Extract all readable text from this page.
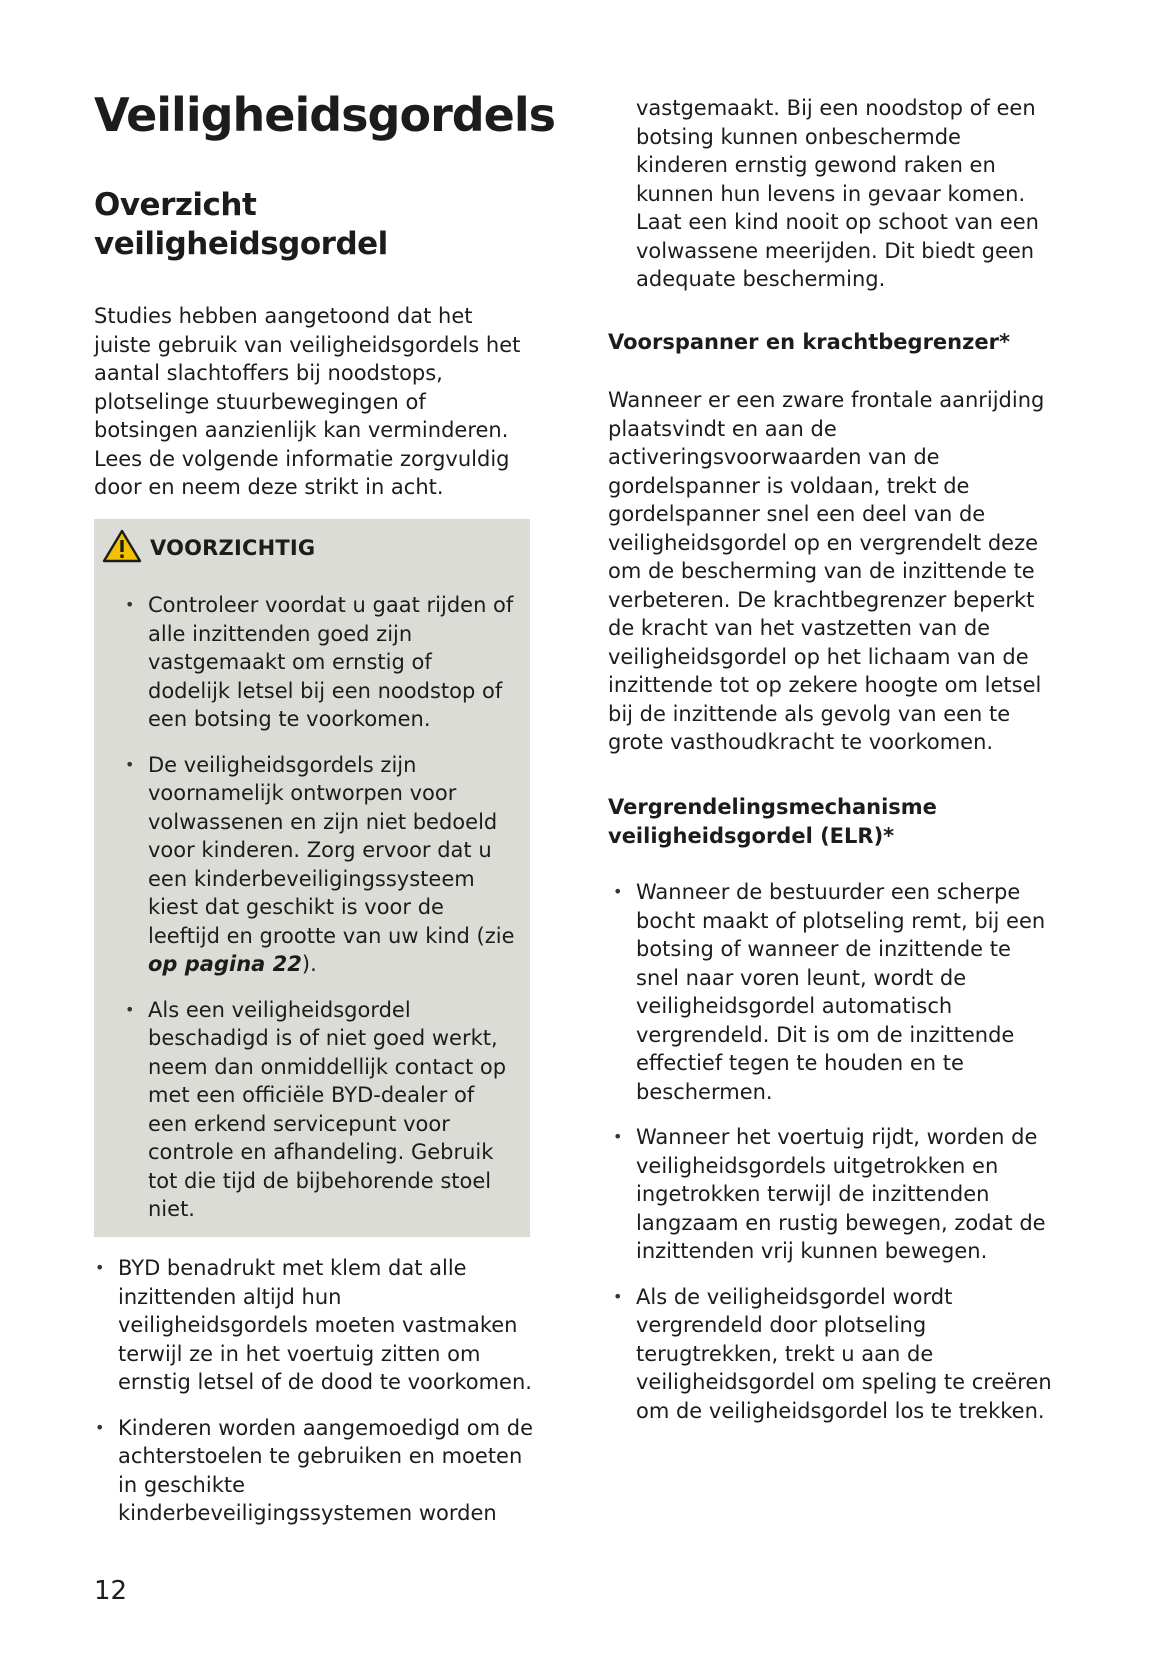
Veiligheidsgordels
Overzicht veiligheidsgordel

Studies hebben aangetoond dat het juiste gebruik van veiligheidsgordels het aantal slachtoffers bij noodstops, plotselinge stuurbewegingen of botsingen aanzienlijk kan verminderen. Lees de volgende informatie zorgvuldig door en neem deze strikt in acht.

VOORZICHTIG
• Controleer voordat u gaat rijden of alle inzittenden goed zijn vastgemaakt om ernstig of dodelijk letsel bij een noodstop of een botsing te voorkomen.
• De veiligheidsgordels zijn voornamelijk ontworpen voor volwassenen en zijn niet bedoeld voor kinderen. Zorg ervoor dat u een kinderbeveiligingssysteem kiest dat geschikt is voor de leeftijd en grootte van uw kind (zie op pagina 22).
• Als een veiligheidsgordel beschadigd is of niet goed werkt, neem dan onmiddellijk contact op met een officiële BYD-dealer of een erkend servicepunt voor controle en afhandeling. Gebruik tot die tijd de bijbehorende stoel niet.
• BYD benadrukt met klem dat alle inzittenden altijd hun veiligheidsgordels moeten vastmaken terwijl ze in het voertuig zitten om ernstig letsel of de dood te voorkomen.
• Kinderen worden aangemoedigd om de achterstoelen te gebruiken en moeten in geschikte kinderbeveiligingssystemen worden

vastgemaakt. Bij een noodstop of een botsing kunnen onbeschermde kinderen ernstig gewond raken en kunnen hun levens in gevaar komen. Laat een kind nooit op schoot van een volwassene meerijden. Dit biedt geen adequate bescherming.

Voorspanner en krachtbegrenzer*

Wanneer er een zware frontale aanrijding plaatsvindt en aan de activeringsvoorwaarden van de gordelspanner is voldaan, trekt de gordelspanner snel een deel van de veiligheidsgordel op en vergrendelt deze om de bescherming van de inzittende te verbeteren. De krachtbegrenzer beperkt de kracht van het vastzetten van de veiligheidsgordel op het lichaam van de inzittende tot op zekere hoogte om letsel bij de inzittende als gevolg van een te grote vasthoudkracht te voorkomen.

Vergrendelingsmechanisme veiligheidsgordel (ELR)*

• Wanneer de bestuurder een scherpe bocht maakt of plotseling remt, bij een botsing of wanneer de inzittende te snel naar voren leunt, wordt de veiligheidsgordel automatisch vergrendeld. Dit is om de inzittende effectief tegen te houden en te beschermen.
• Wanneer het voertuig rijdt, worden de veiligheidsgordels uitgetrokken en ingetrokken terwijl de inzittenden langzaam en rustig bewegen, zodat de inzittenden vrij kunnen bewegen.
• Als de veiligheidsgordel wordt vergrendeld door plotseling terugtrekken, trekt u aan de veiligheidsgordel om speling te creëren om de veiligheidsgordel los te trekken.
12
